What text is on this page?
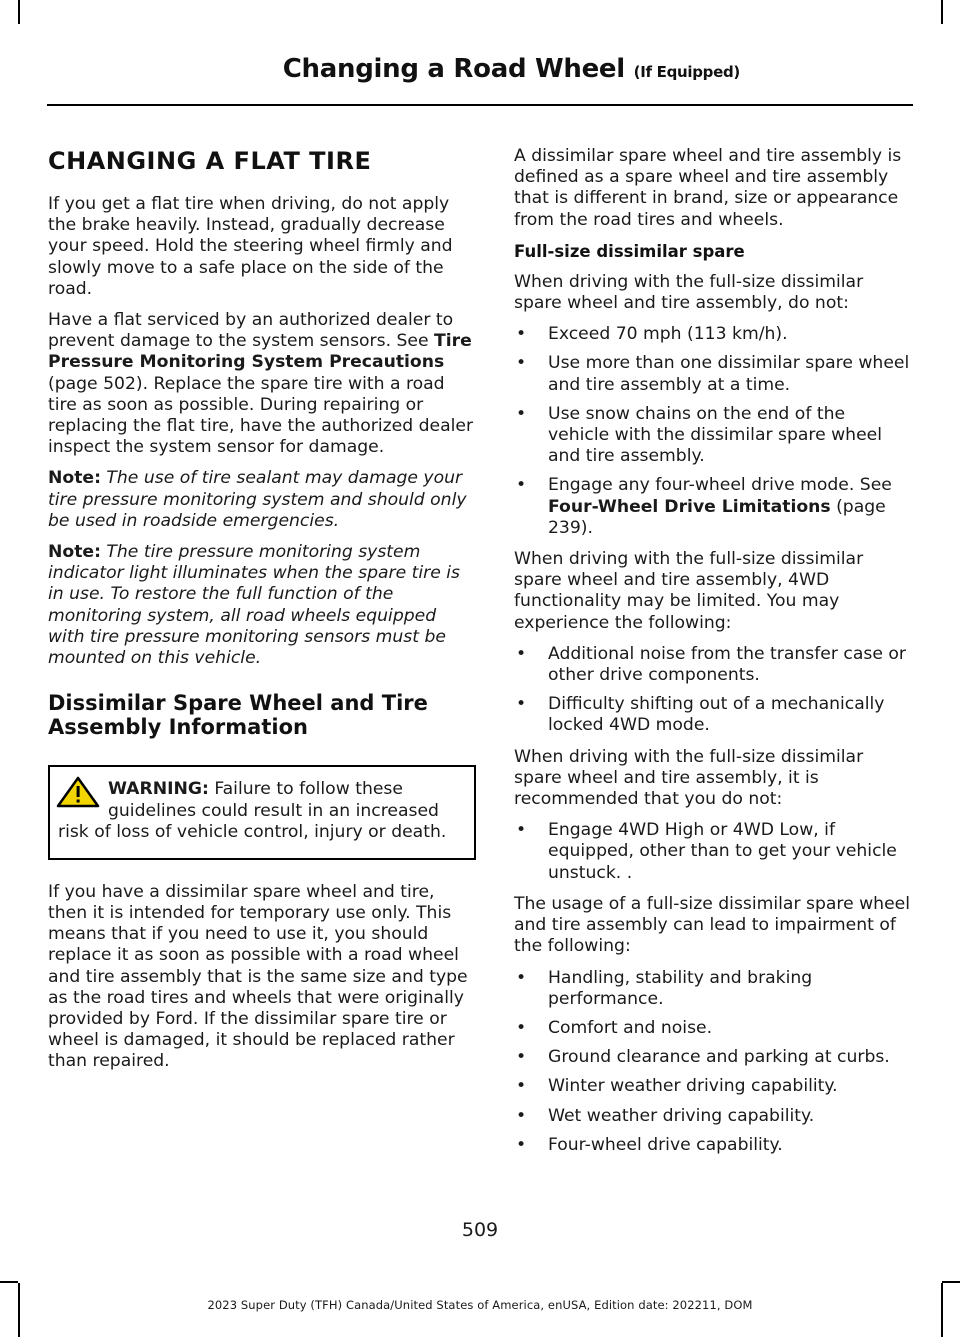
Changing a Road Wheel (If Equipped)
CHANGING A FLAT TIRE

If you get a flat tire when driving, do not apply the brake heavily. Instead, gradually decrease your speed. Hold the steering wheel firmly and slowly move to a safe place on the side of the road.

Have a flat serviced by an authorized dealer to prevent damage to the system sensors. See Tire Pressure Monitoring System Precautions (page 502). Replace the spare tire with a road tire as soon as possible. During repairing or replacing the flat tire, have the authorized dealer inspect the system sensor for damage.

Note: The use of tire sealant may damage your tire pressure monitoring system and should only be used in roadside emergencies.

Note: The tire pressure monitoring system indicator light illuminates when the spare tire is in use. To restore the full function of the monitoring system, all road wheels equipped with tire pressure monitoring sensors must be mounted on this vehicle.

Dissimilar Spare Wheel and Tire Assembly Information
WARNING: Failure to follow these guidelines could result in an increased risk of loss of vehicle control, injury or death.

If you have a dissimilar spare wheel and tire, then it is intended for temporary use only. This means that if you need to use it, you should replace it as soon as possible with a road wheel and tire assembly that is the same size and type as the road tires and wheels that were originally provided by Ford. If the dissimilar spare tire or wheel is damaged, it should be replaced rather than repaired.

A dissimilar spare wheel and tire assembly is defined as a spare wheel and tire assembly that is different in brand, size or appearance from the road tires and wheels.

Full-size dissimilar spare

When driving with the full-size dissimilar spare wheel and tire assembly, do not:

• Exceed 70 mph (113 km/h).
• Use more than one dissimilar spare wheel and tire assembly at a time.
• Use snow chains on the end of the vehicle with the dissimilar spare wheel and tire assembly.
• Engage any four-wheel drive mode. See Four-Wheel Drive Limitations (page 239).

When driving with the full-size dissimilar spare wheel and tire assembly, 4WD functionality may be limited. You may experience the following:

• Additional noise from the transfer case or other drive components.
• Difficulty shifting out of a mechanically locked 4WD mode.

When driving with the full-size dissimilar spare wheel and tire assembly, it is recommended that you do not:

• Engage 4WD High or 4WD Low, if equipped, other than to get your vehicle unstuck. .

The usage of a full-size dissimilar spare wheel and tire assembly can lead to impairment of the following:

• Handling, stability and braking performance.
• Comfort and noise.
• Ground clearance and parking at curbs.
• Winter weather driving capability.
• Wet weather driving capability.
• Four-wheel drive capability.
509
2023 Super Duty (TFH) Canada/United States of America, enUSA, Edition date: 202211, DOM
